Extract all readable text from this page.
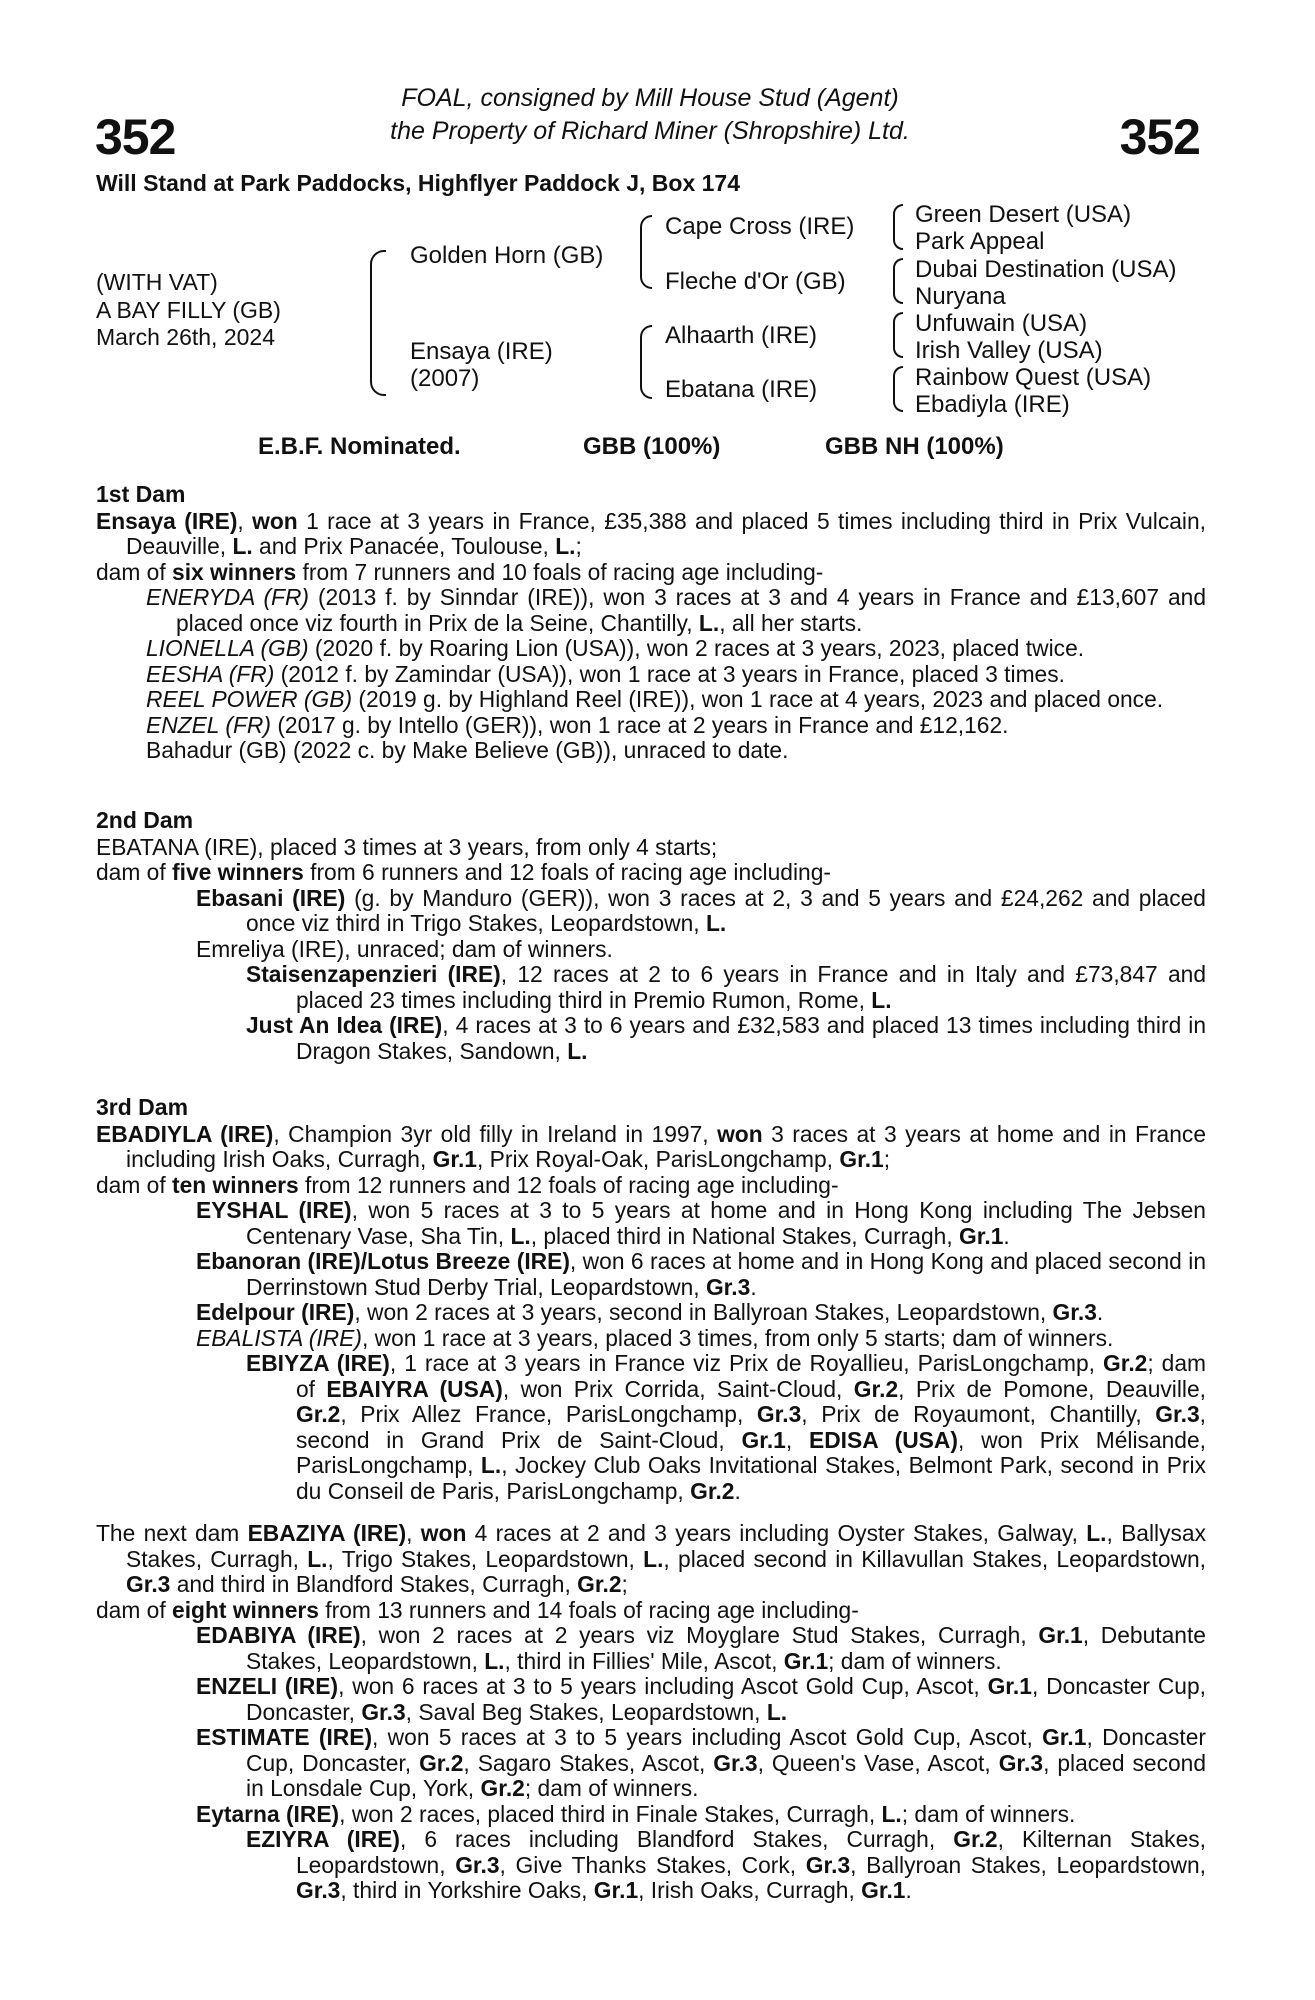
352	352
FOAL, consigned by Mill House Stud (Agent)
the Property of Richard Miner (Shropshire) Ltd.
Will Stand at Park Paddocks, Highflyer Paddock J, Box 174
(WITH VAT)
A BAY FILLY (GB)
March 26th, 2024
Golden Horn (GB)
Ensaya (IRE)
(2007)
Cape Cross (IRE)
Fleche d'Or (GB)
Alhaarth (IRE)
Ebatana (IRE)
Green Desert (USA)
Park Appeal
Dubai Destination (USA)
Nuryana
Unfuwain (USA)
Irish Valley (USA)
Rainbow Quest (USA)
Ebadiyla (IRE)
E.B.F. Nominated.	GBB (100%)	GBB NH (100%)

1st Dam

Ensaya (IRE), won 1 race at 3 years in France, £35,388 and placed 5 times including third in Prix Vulcain, Deauville, L. and Prix Panacée, Toulouse, L.;

dam of six winners from 7 runners and 10 foals of racing age including-

ENERYDA (FR) (2013 f. by Sinndar (IRE)), won 3 races at 3 and 4 years in France and £13,607 and placed once viz fourth in Prix de la Seine, Chantilly, L., all her starts.

LIONELLA (GB) (2020 f. by Roaring Lion (USA)), won 2 races at 3 years, 2023, placed twice.

EESHA (FR) (2012 f. by Zamindar (USA)), won 1 race at 3 years in France, placed 3 times.

REEL POWER (GB) (2019 g. by Highland Reel (IRE)), won 1 race at 4 years, 2023 and placed once.

ENZEL (FR) (2017 g. by Intello (GER)), won 1 race at 2 years in France and £12,162.

Bahadur (GB) (2022 c. by Make Believe (GB)), unraced to date.

2nd Dam

EBATANA (IRE), placed 3 times at 3 years, from only 4 starts;

dam of five winners from 6 runners and 12 foals of racing age including-

Ebasani (IRE) (g. by Manduro (GER)), won 3 races at 2, 3 and 5 years and £24,262 and placed once viz third in Trigo Stakes, Leopardstown, L.

Emreliya (IRE), unraced; dam of winners.

Staisenzapenzieri (IRE), 12 races at 2 to 6 years in France and in Italy and £73,847 and placed 23 times including third in Premio Rumon, Rome, L.

Just An Idea (IRE), 4 races at 3 to 6 years and £32,583 and placed 13 times including third in Dragon Stakes, Sandown, L.

3rd Dam

EBADIYLA (IRE), Champion 3yr old filly in Ireland in 1997, won 3 races at 3 years at home and in France including Irish Oaks, Curragh, Gr.1, Prix Royal-Oak, ParisLongchamp, Gr.1;

dam of ten winners from 12 runners and 12 foals of racing age including-

EYSHAL (IRE), won 5 races at 3 to 5 years at home and in Hong Kong including The Jebsen Centenary Vase, Sha Tin, L., placed third in National Stakes, Curragh, Gr.1.

Ebanoran (IRE)/Lotus Breeze (IRE), won 6 races at home and in Hong Kong and placed second in Derrinstown Stud Derby Trial, Leopardstown, Gr.3.

Edelpour (IRE), won 2 races at 3 years, second in Ballyroan Stakes, Leopardstown, Gr.3.

EBALISTA (IRE), won 1 race at 3 years, placed 3 times, from only 5 starts; dam of winners.

EBIYZA (IRE), 1 race at 3 years in France viz Prix de Royallieu, ParisLongchamp, Gr.2; dam of EBAIYRA (USA), won Prix Corrida, Saint-Cloud, Gr.2, Prix de Pomone, Deauville, Gr.2, Prix Allez France, ParisLongchamp, Gr.3, Prix de Royaumont, Chantilly, Gr.3, second in Grand Prix de Saint-Cloud, Gr.1, EDISA (USA), won Prix Mélisande, ParisLongchamp, L., Jockey Club Oaks Invitational Stakes, Belmont Park, second in Prix du Conseil de Paris, ParisLongchamp, Gr.2.

The next dam EBAZIYA (IRE), won 4 races at 2 and 3 years including Oyster Stakes, Galway, L., Ballysax Stakes, Curragh, L., Trigo Stakes, Leopardstown, L., placed second in Killavullan Stakes, Leopardstown, Gr.3 and third in Blandford Stakes, Curragh, Gr.2;

dam of eight winners from 13 runners and 14 foals of racing age including-

EDABIYA (IRE), won 2 races at 2 years viz Moyglare Stud Stakes, Curragh, Gr.1, Debutante Stakes, Leopardstown, L., third in Fillies' Mile, Ascot, Gr.1; dam of winners.

ENZELI (IRE), won 6 races at 3 to 5 years including Ascot Gold Cup, Ascot, Gr.1, Doncaster Cup, Doncaster, Gr.3, Saval Beg Stakes, Leopardstown, L.

ESTIMATE (IRE), won 5 races at 3 to 5 years including Ascot Gold Cup, Ascot, Gr.1, Doncaster Cup, Doncaster, Gr.2, Sagaro Stakes, Ascot, Gr.3, Queen's Vase, Ascot, Gr.3, placed second in Lonsdale Cup, York, Gr.2; dam of winners.

Eytarna (IRE), won 2 races, placed third in Finale Stakes, Curragh, L.; dam of winners.

EZIYRA (IRE), 6 races including Blandford Stakes, Curragh, Gr.2, Kilternan Stakes, Leopardstown, Gr.3, Give Thanks Stakes, Cork, Gr.3, Ballyroan Stakes, Leopardstown, Gr.3, third in Yorkshire Oaks, Gr.1, Irish Oaks, Curragh, Gr.1.
